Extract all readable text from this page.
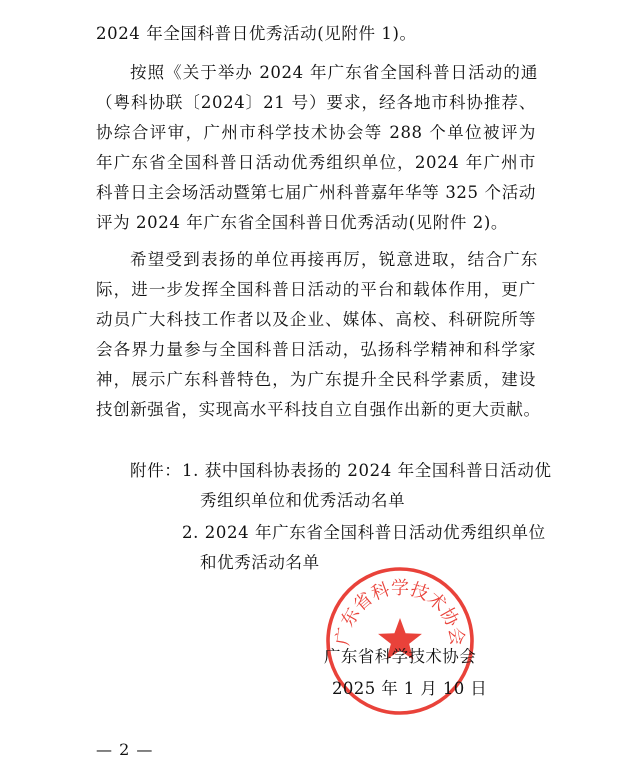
2024 年全国科普日优秀活动(见附件 1)。
按照《关于举办 2024 年广东省全国科普日活动的通
（粤科协联〔2024〕21 号）要求，经各地市科协推荐、
协综合评审，广州市科学技术协会等 288 个单位被评为
年广东省全国科普日活动优秀组织单位，2024 年广州市
科普日主会场活动暨第七届广州科普嘉年华等 325 个活动
评为 2024 年广东省全国科普日优秀活动(见附件 2)。
希望受到表扬的单位再接再厉，锐意进取，结合广东
际，进一步发挥全国科普日活动的平台和载体作用，更广
动员广大科技工作者以及企业、媒体、高校、科研院所等
会各界力量参与全国科普日活动，弘扬科学精神和科学家
神，展示广东科普特色，为广东提升全民科学素质，建设
技创新强省，实现高水平科技自立自强作出新的更大贡献。
附件： 1. 获中国科协表扬的 2024 年全国科普日活动优
秀组织单位和优秀活动名单
2. 2024 年广东省全国科普日活动优秀组织单位
和优秀活动名单
广东省科学技术协会
广东省科学技术协会
2025 年 1 月 10 日
— 2 —
